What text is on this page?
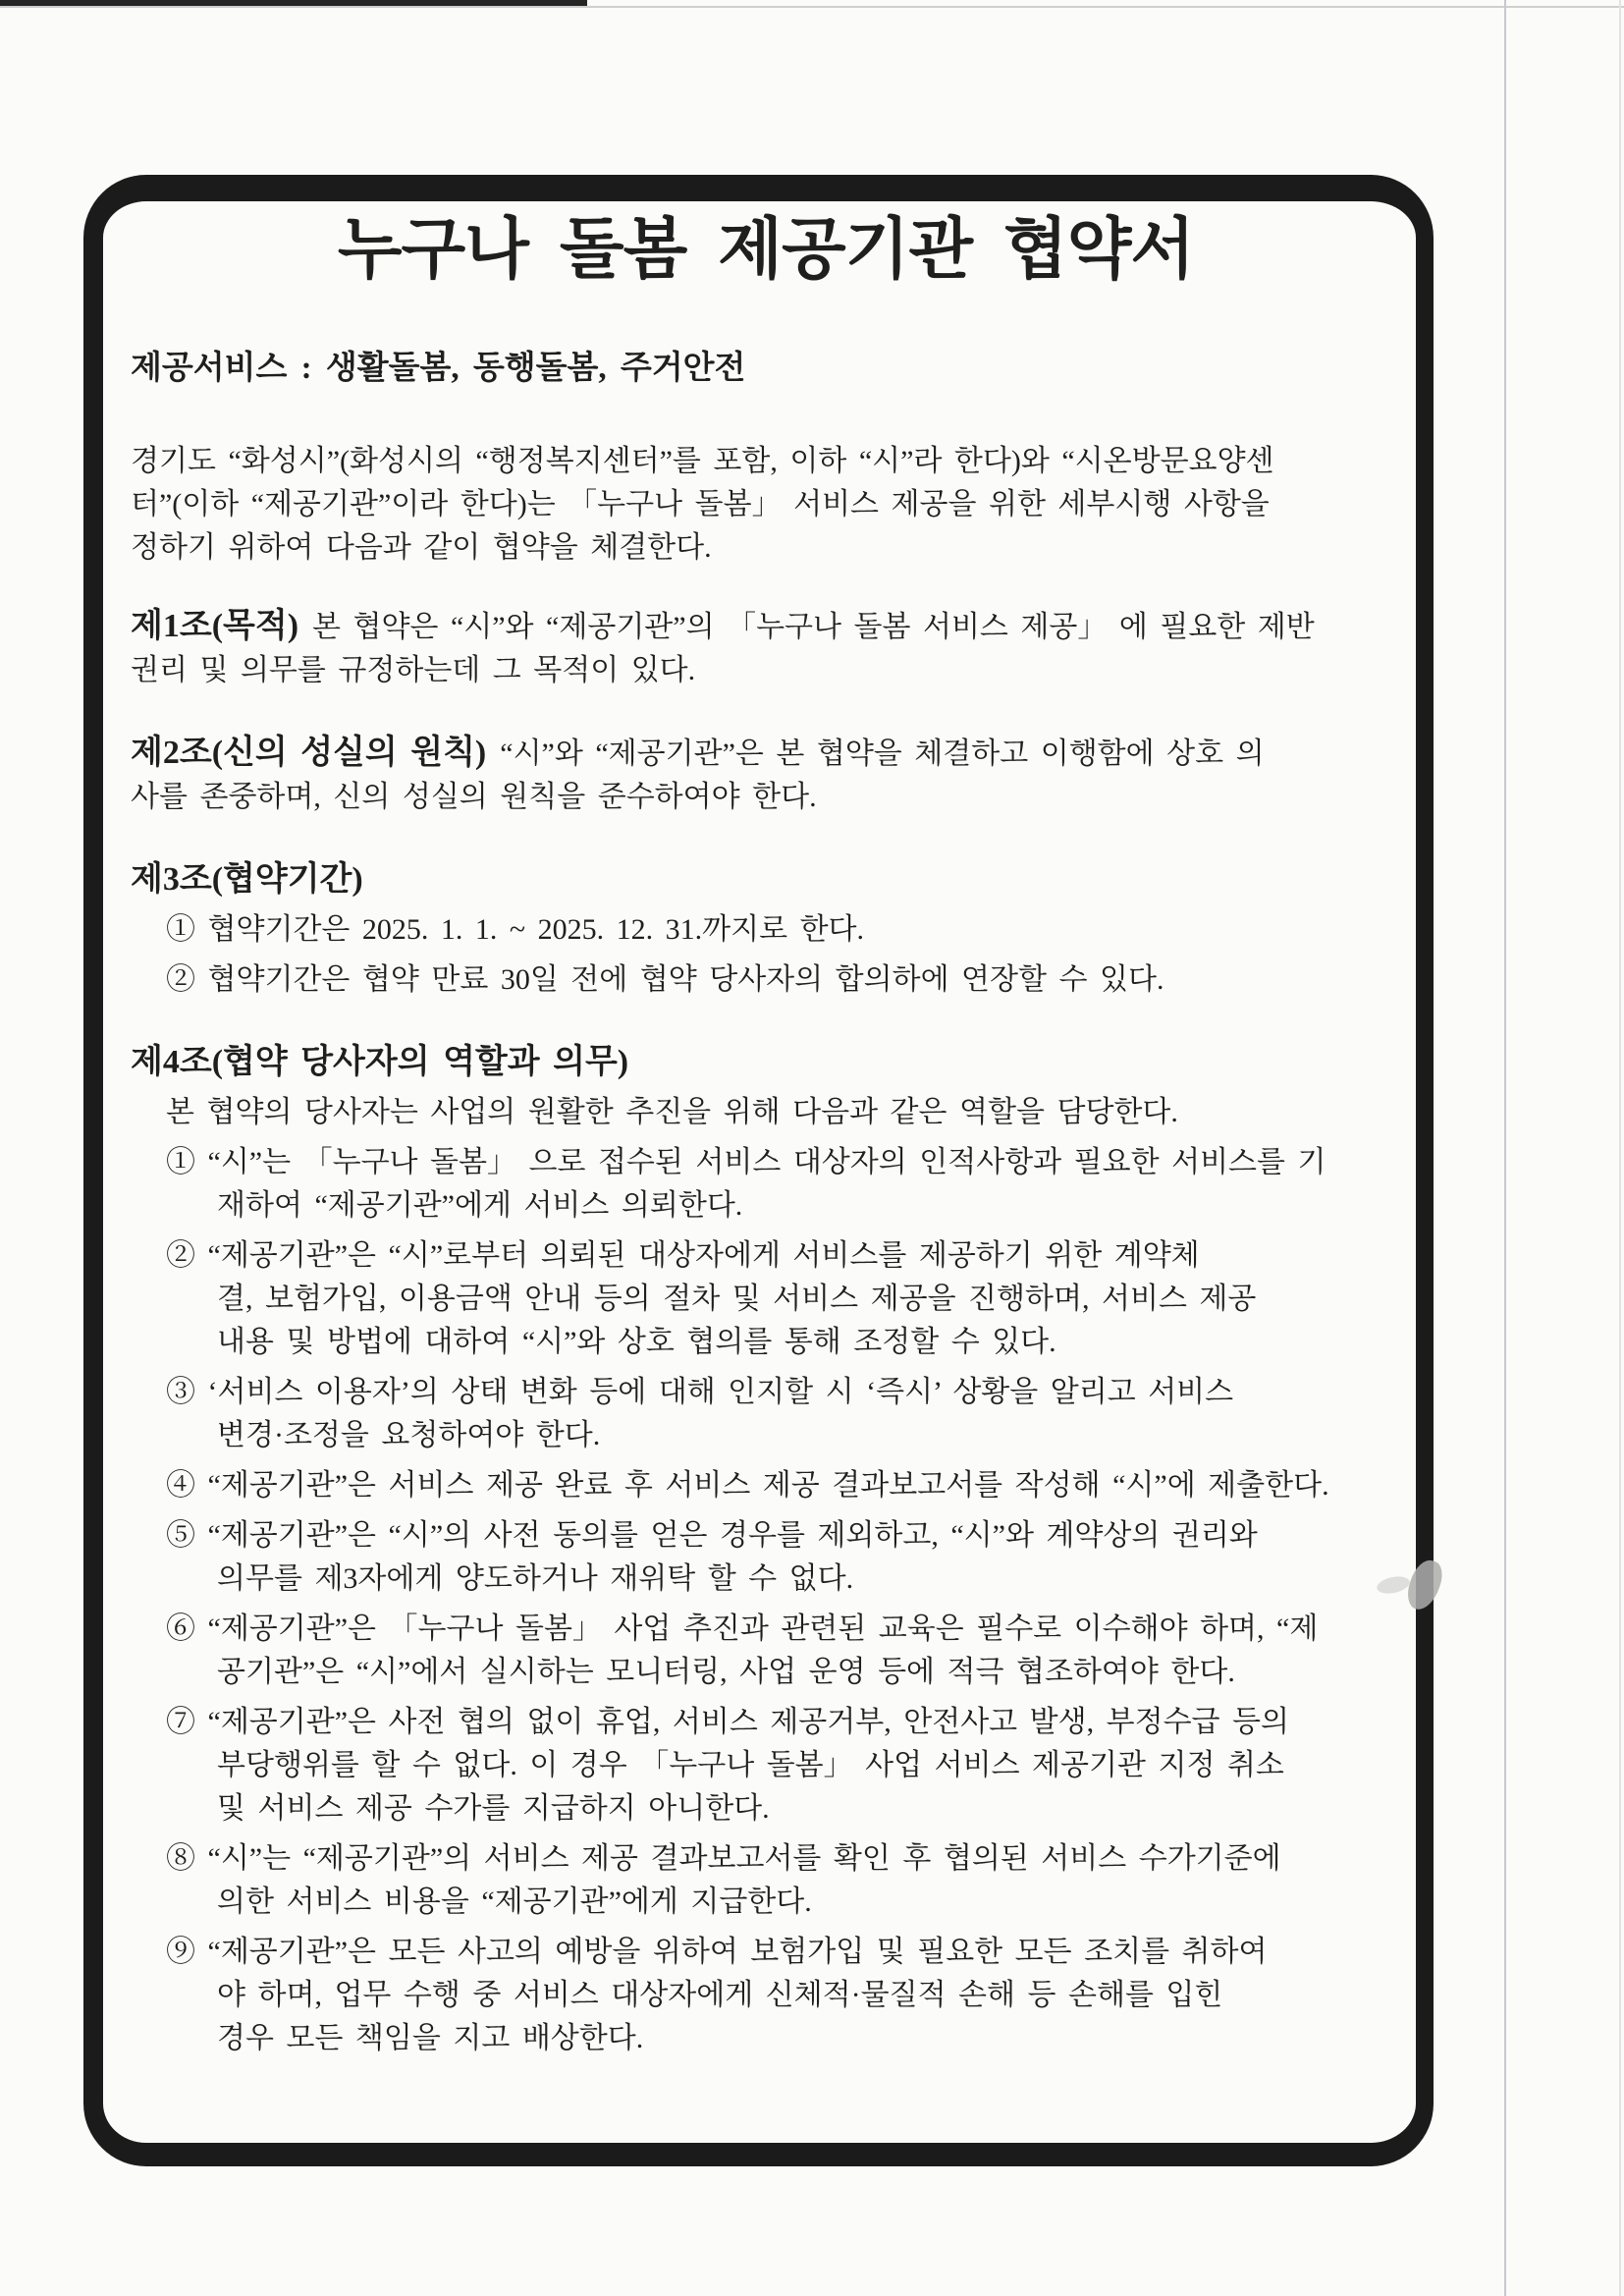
누구나 돌봄 제공기관 협약서
제공서비스 : 생활돌봄, 동행돌봄, 주거안전
경기도 “화성시”(화성시의 “행정복지센터”를 포함, 이하 “시”라 한다)와 “시온방문요양센
터”(이하 “제공기관”이라 한다)는 「누구나 돌봄」 서비스 제공을 위한 세부시행 사항을
정하기 위하여 다음과 같이 협약을 체결한다.
제1조(목적) 본 협약은 “시”와 “제공기관”의 「누구나 돌봄 서비스 제공」 에 필요한 제반
권리 및 의무를 규정하는데 그 목적이 있다.
제2조(신의 성실의 원칙) “시”와 “제공기관”은 본 협약을 체결하고 이행함에 상호 의
사를 존중하며, 신의 성실의 원칙을 준수하여야 한다.
제3조(협약기간)
① 협약기간은 2025. 1. 1. ~ 2025. 12. 31.까지로 한다.
② 협약기간은 협약 만료 30일 전에 협약 당사자의 합의하에 연장할 수 있다.
제4조(협약 당사자의 역할과 의무)
본 협약의 당사자는 사업의 원활한 추진을 위해 다음과 같은 역할을 담당한다.
① “시”는 「누구나 돌봄」 으로 접수된 서비스 대상자의 인적사항과 필요한 서비스를 기
재하여 “제공기관”에게 서비스 의뢰한다.
② “제공기관”은 “시”로부터 의뢰된 대상자에게 서비스를 제공하기 위한 계약체
결, 보험가입, 이용금액 안내 등의 절차 및 서비스 제공을 진행하며, 서비스 제공
내용 및 방법에 대하여 “시”와 상호 협의를 통해 조정할 수 있다.
③ ‘서비스 이용자’의 상태 변화 등에 대해 인지할 시 ‘즉시’ 상황을 알리고 서비스
변경·조정을 요청하여야 한다.
④ “제공기관”은 서비스 제공 완료 후 서비스 제공 결과보고서를 작성해 “시”에 제출한다.
⑤ “제공기관”은 “시”의 사전 동의를 얻은 경우를 제외하고, “시”와 계약상의 권리와
의무를 제3자에게 양도하거나 재위탁 할 수 없다.
⑥ “제공기관”은 「누구나 돌봄」 사업 추진과 관련된 교육은 필수로 이수해야 하며, “제
공기관”은 “시”에서 실시하는 모니터링, 사업 운영 등에 적극 협조하여야 한다.
⑦ “제공기관”은 사전 협의 없이 휴업, 서비스 제공거부, 안전사고 발생, 부정수급 등의
부당행위를 할 수 없다. 이 경우 「누구나 돌봄」 사업 서비스 제공기관 지정 취소
및 서비스 제공 수가를 지급하지 아니한다.
⑧ “시”는 “제공기관”의 서비스 제공 결과보고서를 확인 후 협의된 서비스 수가기준에
의한 서비스 비용을 “제공기관”에게 지급한다.
⑨ “제공기관”은 모든 사고의 예방을 위하여 보험가입 및 필요한 모든 조치를 취하여
야 하며, 업무 수행 중 서비스 대상자에게 신체적·물질적 손해 등 손해를 입힌
경우 모든 책임을 지고 배상한다.
